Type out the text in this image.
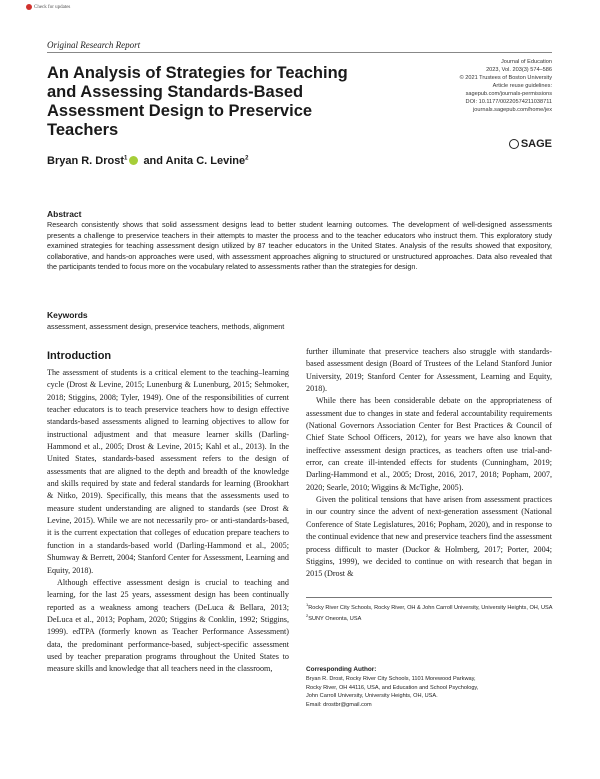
Check for updates
Original Research Report
An Analysis of Strategies for Teaching and Assessing Standards-Based Assessment Design to Preservice Teachers
Journal of Education
2023, Vol. 203(3) 574–586
© 2021 Trustees of Boston University
Article reuse guidelines:
sagepub.com/journals-permissions
DOI: 10.1177/00220574211038711
journals.sagepub.com/home/jex
SAGE
Bryan R. Drost$^1$ and Anita C. Levine$^2$
Abstract
Research consistently shows that solid assessment designs lead to better student learning outcomes. The development of well-designed assessments presents a challenge to preservice teachers in their attempts to master the process and to the teacher educators who instruct them. This exploratory study examined strategies for teaching assessment design utilized by 87 teacher educators in the United States. Analysis of the results showed that expository, collaborative, and hands-on approaches were used, with assessment approaches aligning to structured or unstructured approaches. Data also revealed that the participants tended to focus more on the vocabulary related to assessments rather than the strategies for design.
Keywords
assessment, assessment design, preservice teachers, methods, alignment
Introduction

The assessment of students is a critical element to the teaching–learning cycle (Drost & Levine, 2015; Lunenburg & Lunenburg, 2015; Sehmoker, 2018; Stiggins, 2008; Tyler, 1949). One of the responsibilities of current teacher educators is to teach preservice teachers how to design effective standards-based assessments aligned to learning objectives to allow for instructional adjustment and that measure learner skills (Darling-Hammond et al., 2005; Drost & Levine, 2015; Kahl et al., 2013). In the United States, standards-based assessment refers to the design of assessments that are aligned to the depth and breadth of the knowledge and skills required by state and federal standards for learning (Brookhart & Nitko, 2019). Specifically, this means that the assessments used to measure student understanding are aligned to standards (see Drost & Levine, 2015). While we are not necessarily pro- or anti-standards-based, it is the current expectation that colleges of education prepare teachers to function in a standards-based world (Darling-Hammond et al., 2005; Shumway & Berrett, 2004; Stanford Center for Assessment, Learning and Equity, 2018).

Although effective assessment design is crucial to teaching and learning, for the last 25 years, assessment design has been continually reported as a weakness among teachers (DeLuca & Bellara, 2013; DeLuca et al., 2013; Popham, 2020; Stiggins & Conklin, 1992; Stiggins, 1999). edTPA (formerly known as Teacher Performance Assessment) data, the predominant performance-based, subject-specific assessment used by teacher preparation programs throughout the United States to measure skills and knowledge that all teachers need in the classroom,

further illuminate that preservice teachers also struggle with standards-based assessment design (Board of Trustees of the Leland Stanford Junior University, 2019; Stanford Center for Assessment, Learning and Equity, 2018).

While there has been considerable debate on the appropriateness of assessment due to changes in state and federal accountability requirements (National Governors Association Center for Best Practices & Council of Chief State School Officers, 2012), for years we have also known that ineffective assessment design practices, as teachers often use trial-and-error, can create ill-intended effects for students (Cunningham, 2019; Darling-Hammond et al., 2005; Drost, 2016, 2017, 2018; Popham, 2007, 2020; Searle, 2010; Wiggins & McTighe, 2005).

Given the political tensions that have arisen from assessment practices in our country since the advent of next-generation assessment (National Conference of State Legislatures, 2016; Popham, 2020), and in response to the continual evidence that new and preservice teachers find the assessment process difficult to master (Duckor & Holmberg, 2017; Porter, 2004; Stiggins, 1999), we decided to continue on with research that began in 2015 (Drost &

$^1$Rocky River City Schools, Rocky River, OH & John Carroll University, University Heights, OH, USA
$^2$SUNY Oneonta, USA
Corresponding Author:
Bryan R. Drost, Rocky River City Schools, 1101 Morewood Parkway,
Rocky River, OH 44116, USA, and Education and School Psychology,
John Carroll University, University Heights, OH, USA.
Email: drostbr@gmail.com
